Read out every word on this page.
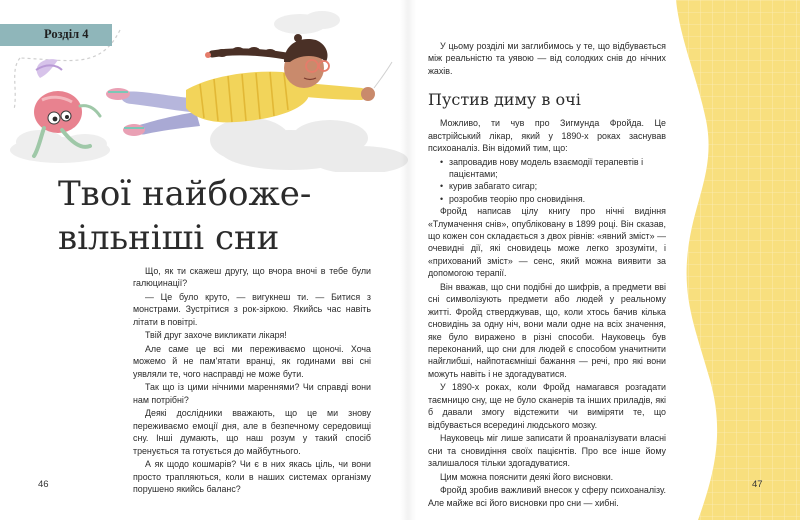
Розділ 4
Твої найбоже-
вільніші сни

Що, як ти скажеш другу, що вчора вночі в тебе були галюцинації?

— Це було круто, — вигукнеш ти. — Битися з монстрами. Зустрітися з рок-зіркою. Якийсь час навіть літати в повітрі.

Твій друг захоче викликати лікаря!

Але саме це всі ми переживаємо щоночі. Хоча можемо й не пам'ятати вранці, як годинами вві сні уявляли те, чого насправді не може бути.

Так що із цими нічними мареннями? Чи справді вони нам потрібні?

Деякі дослідники вважають, що це ми знову переживаємо емоції дня, але в безпечному середовищі сну. Інші думають, що наш розум у такий спосіб тренується та готується до майбутнього.

А як щодо кошмарів? Чи є в них якась ціль, чи вони просто трапляються, коли в наших системах організму порушено якийсь баланс?

46

У цьому розділі ми заглибимось у те, що відбувається між реальністю та уявою — від солодких снів до нічних жахів.

Пустив диму в очі

Можливо, ти чув про Зигмунда Фройда. Це австрійський лікар, який у 1890-х роках заснував психоаналіз. Він відомий тим, що:

• запровадив нову модель взаємодії терапевтів і пацієнтами;
• курив забагато сигар;
• розробив теорію про сновидіння.

Фройд написав цілу книгу про нічні видіння «Тлумачення снів», опубліковану в 1899 році. Він сказав, що кожен сон складається з двох рівнів: «явний зміст» — очевидні дії, які сновидець може легко зрозуміти, і «прихований зміст» — сенс, який можна виявити за допомогою терапії.

Він вважав, що сни подібні до шифрів, а предмети вві сні символізують предмети або людей у реальному житті. Фройд стверджував, що, коли хтось бачив кілька сновидінь за одну ніч, вони мали одне на всіх значення, яке було виражено в різні способи. Науковець був переконаний, що сни для людей є способом уначитнити найглибші, найпотаємніші бажання — речі, про які вони можуть навіть і не здогадуватися.

У 1890-х роках, коли Фройд намагався розгадати таємницю сну, ще не було сканерів та інших приладів, які б давали змогу відстежити чи виміряти те, що відбувається всередині людського мозку.

Науковець міг лише записати й проаналізувати власні сни та сновидіння своїх пацієнтів. Про все інше йому залишалося тільки здогадуватися.

Цим можна пояснити деякі його висновки.

Фройд зробив важливий внесок у сферу психоаналізу. Але майже всі його висновки про сни — хибні.

47
